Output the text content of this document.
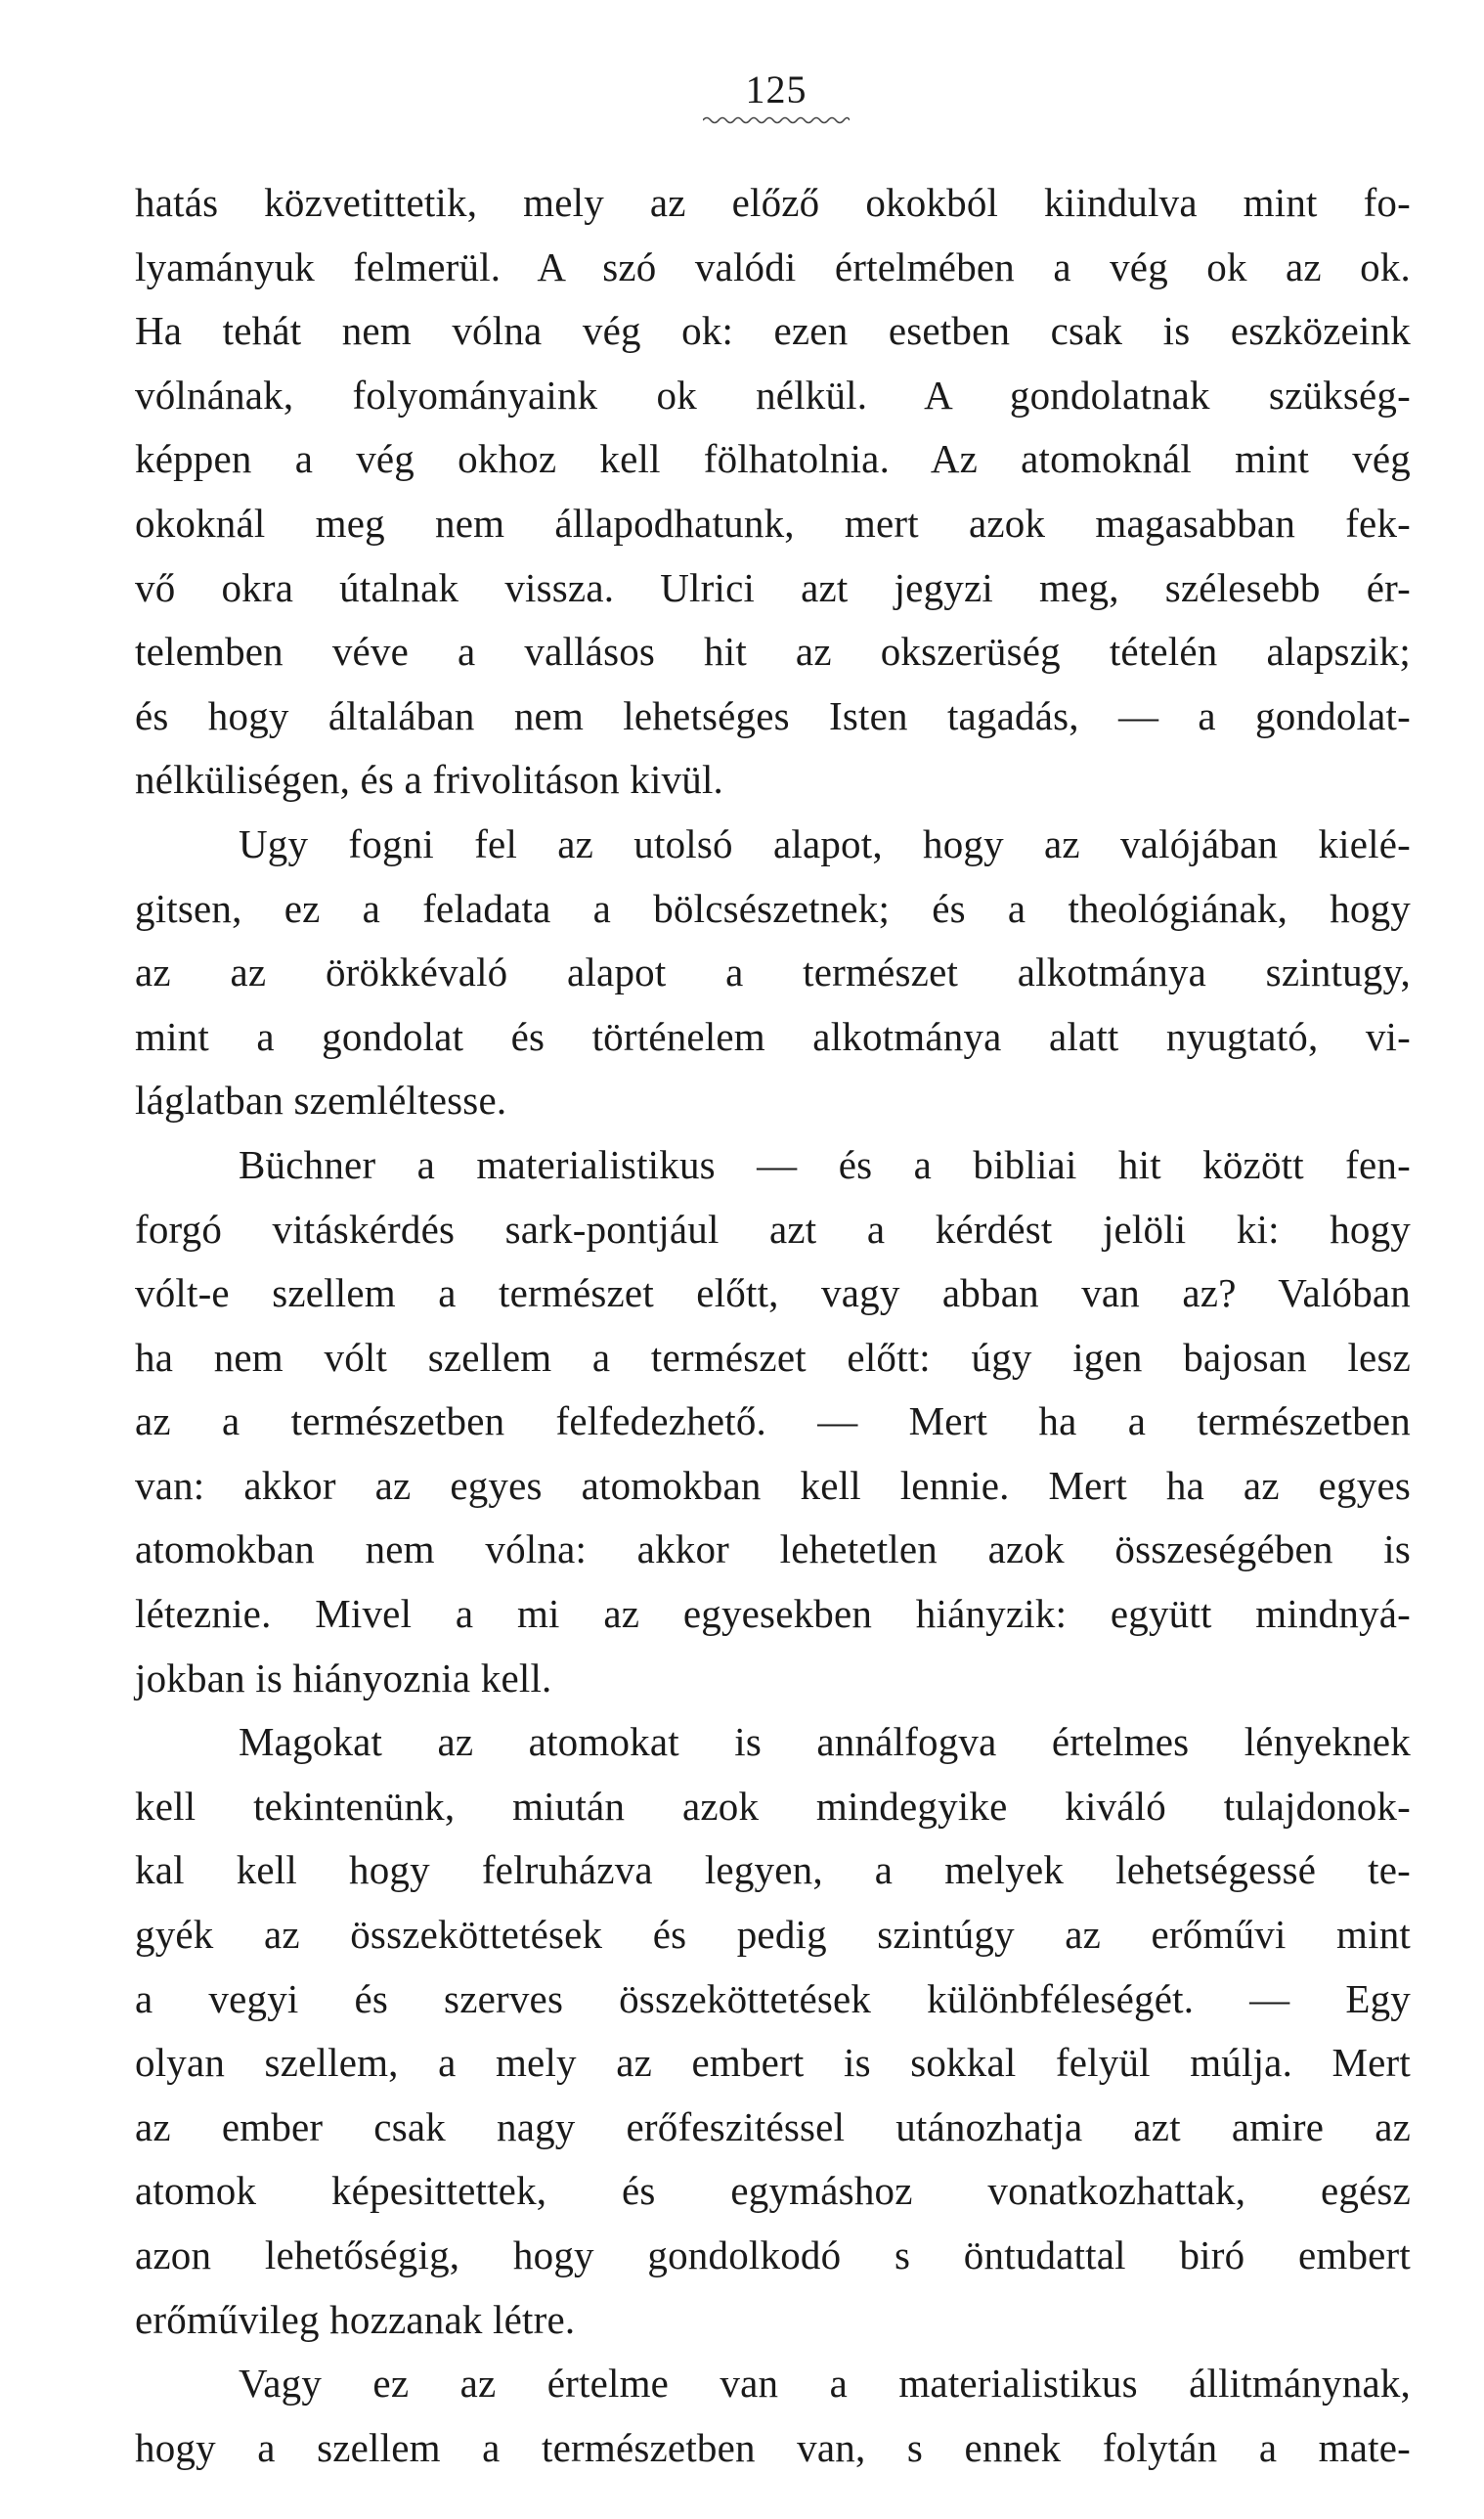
125
hatás közvetittetik, mely az előző okokból kiindulva mint fo-
lyamányuk felmerül. A szó valódi értelmében a vég ok az ok.
Ha tehát nem vólna vég ok: ezen esetben csak is eszközeink
vólnának, folyományaink ok nélkül. A gondolatnak szükség-
képpen a vég okhoz kell fölhatolnia. Az atomoknál mint vég
okoknál meg nem állapodhatunk, mert azok magasabban fek-
vő okra útalnak vissza. Ulrici azt jegyzi meg, szélesebb ér-
telemben véve a vallásos hit az okszerüség tételén alapszik;
és hogy általában nem lehetséges Isten tagadás, — a gondolat-
nélküliségen, és a frivolitáson kivül.
Ugy fogni fel az utolsó alapot, hogy az valójában kielé-
gitsen, ez a feladata a bölcsészetnek; és a theológiának, hogy
az az örökkévaló alapot a természet alkotmánya szintugy,
mint a gondolat és történelem alkotmánya alatt nyugtató, vi-
láglatban szemléltesse.
Büchner a materialistikus — és a bibliai hit között fen-
forgó vitáskérdés sark-pontjául azt a kérdést jelöli ki: hogy
vólt-e szellem a természet előtt, vagy abban van az? Valóban
ha nem vólt szellem a természet előtt: úgy igen bajosan lesz
az a természetben felfedezhető. — Mert ha a természetben
van: akkor az egyes atomokban kell lennie. Mert ha az egyes
atomokban nem vólna: akkor lehetetlen azok összeségében is
léteznie. Mivel a mi az egyesekben hiányzik: együtt mindnyá-
jokban is hiányoznia kell.
Magokat az atomokat is annálfogva értelmes lényeknek
kell tekintenünk, miután azok mindegyike kiváló tulajdonok-
kal kell hogy felruházva legyen, a melyek lehetségessé te-
gyék az összeköttetések és pedig szintúgy az erőművi mint
a vegyi és szerves összeköttetések különbféleségét. — Egy
olyan szellem, a mely az embert is sokkal felyül múlja. Mert
az ember csak nagy erőfeszitéssel utánozhatja azt amire az
atomok képesittettek, és egymáshoz vonatkozhattak, egész
azon lehetőségig, hogy gondolkodó s öntudattal biró embert
erőművileg hozzanak létre.
Vagy ez az értelme van a materialistikus állitmánynak,
hogy a szellem a természetben van, s ennek folytán a mate-
